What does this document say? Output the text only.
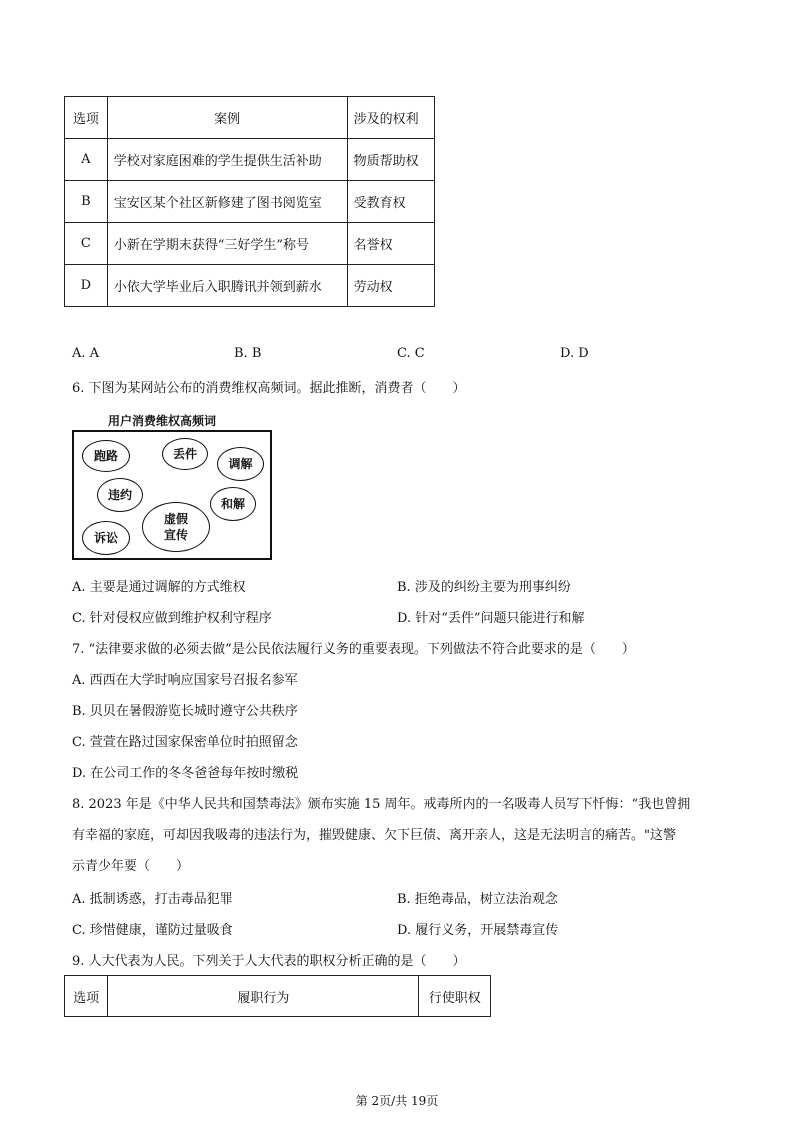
选项	案例	涉及的权利
A	学校对家庭困难的学生提供生活补助	物质帮助权
B	宝安区某个社区新修建了图书阅览室	受教育权
C	小新在学期末获得“三好学生”称号	名誉权
D	小依大学毕业后入职腾讯并领到薪水	劳动权
A. A	B. B	C. C	D. D
6. 下图为某网站公布的消费维权高频词。据此推断，消费者（　　）
用户消费维权高频词
跑路	丢件
调解
违约
和解
虚假宣传
诉讼
A. 主要是通过调解的方式维权	B. 涉及的纠纷主要为刑事纠纷
C. 针对侵权应做到维护权利守程序	D. 针对“丢件”问题只能进行和解
7. “法律要求做的必须去做”是公民依法履行义务的重要表现。下列做法不符合此要求的是（　　）
A. 西西在大学时响应国家号召报名参军
B. 贝贝在暑假游览长城时遵守公共秩序
C. 萱萱在路过国家保密单位时拍照留念
D. 在公司工作的冬冬爸爸每年按时缴税
8. 2023 年是《中华人民共和国禁毒法》颁布实施 15 周年。戒毒所内的一名吸毒人员写下忏悔：“我也曾拥
有幸福的家庭，可却因我吸毒的违法行为，摧毁健康、欠下巨债、离开亲人，这是无法明言的痛苦。"这警
示青少年要（　　）
A. 抵制诱惑，打击毒品犯罪	B. 拒绝毒品，树立法治观念
C. 珍惜健康，谨防过量吸食	D. 履行义务，开展禁毒宣传
9. 人大代表为人民。下列关于人大代表的职权分析正确的是（　　）
选项	履职行为	行使职权
第 2页/共 19页
